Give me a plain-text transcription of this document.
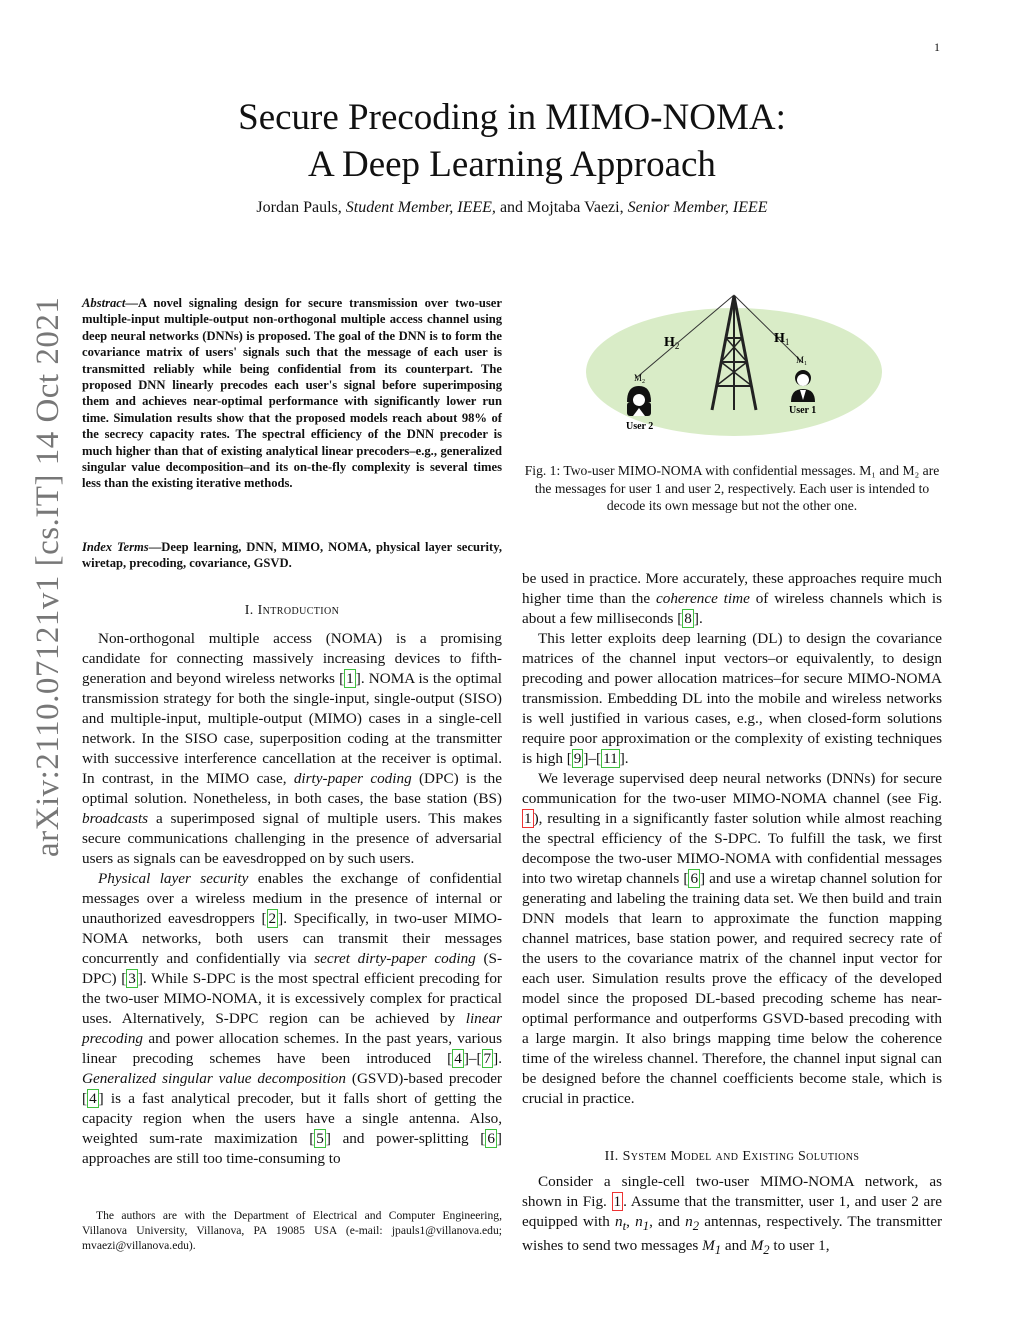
1
arXiv:2110.07121v1 [cs.IT] 14 Oct 2021
Secure Precoding in MIMO-NOMA:
A Deep Learning Approach
Jordan Pauls, Student Member, IEEE, and Mojtaba Vaezi, Senior Member, IEEE
Abstract—A novel signaling design for secure transmission over two-user multiple-input multiple-output non-orthogonal multiple access channel using deep neural networks (DNNs) is proposed. The goal of the DNN is to form the covariance matrix of users' signals such that the message of each user is transmitted reliably while being confidential from its counterpart. The proposed DNN linearly precodes each user's signal before superimposing them and achieves near-optimal performance with significantly lower run time. Simulation results show that the proposed models reach about 98% of the secrecy capacity rates. The spectral efficiency of the DNN precoder is much higher than that of existing analytical linear precoders–e.g., generalized singular value decomposition–and its on-the-fly complexity is several times less than the existing iterative methods.
Index Terms—Deep learning, DNN, MIMO, NOMA, physical layer security, wiretap, precoding, covariance, GSVD.
I. Introduction

Non-orthogonal multiple access (NOMA) is a promising candidate for connecting massively increasing devices to fifth-generation and beyond wireless networks [ 1 ]. NOMA is the optimal transmission strategy for both the single-input, single-output (SISO) and multiple-input, multiple-output (MIMO) cases in a single-cell network. In the SISO case, superposition coding at the transmitter with successive interference cancellation at the receiver is optimal. In contrast, in the MIMO case, dirty-paper coding (DPC) is the optimal solution. Nonetheless, in both cases, the base station (BS) broadcasts a superimposed signal of multiple users. This makes secure communications challenging in the presence of adversarial users as signals can be eavesdropped on by such users.

Physical layer security enables the exchange of confidential messages over a wireless medium in the presence of internal or unauthorized eavesdroppers [ 2 ]. Specifically, in two-user MIMO-NOMA networks, both users can transmit their messages concurrently and confidentially via secret dirty-paper coding (S-DPC) [ 3 ]. While S-DPC is the most spectral efficient precoding for the two-user MIMO-NOMA, it is excessively complex for practical uses. Alternatively, S-DPC region can be achieved by linear precoding and power allocation schemes. In the past years, various linear precoding schemes have been introduced [ 4 ]–[ 7 ]. Generalized singular value decomposition (GSVD)-based precoder [ 4 ] is a fast analytical precoder, but it falls short of getting the capacity region when the users have a single antenna. Also, weighted sum-rate maximization [ 5 ] and power-splitting [ 6 ] approaches are still too time-consuming to

The authors are with the Department of Electrical and Computer Engineering, Villanova University, Villanova, PA 19085 USA (e-mail: jpauls1@villanova.edu; mvaezi@villanova.edu).

$H_2$	$H_1$
$M_2$
$M_1$
User 2
User 1
Fig. 1: Two-user MIMO-NOMA with confidential messages. M₁ and M₂ are the messages for user 1 and user 2, respectively. Each user is intended to decode its own message but not the other one.

be used in practice. More accurately, these approaches require much higher time than the coherence time of wireless channels which is about a few milliseconds [ 8 ].

This letter exploits deep learning (DL) to design the covariance matrices of the channel input vectors–or equivalently, to design precoding and power allocation matrices–for secure MIMO-NOMA transmission. Embedding DL into the mobile and wireless networks is well justified in various cases, e.g., when closed-form solutions require poor approximation or the complexity of existing techniques is high [ 9 ]–[ 11 ].

We leverage supervised deep neural networks (DNNs) for secure communication for the two-user MIMO-NOMA channel (see Fig. 1 ), resulting in a significantly faster solution while almost reaching the spectral efficiency of the S-DPC. To fulfill the task, we first decompose the two-user MIMO-NOMA with confidential messages into two wiretap channels [ 6 ] and use a wiretap channel solution for generating and labeling the training data set. We then build and train DNN models that learn to approximate the function mapping channel matrices, base station power, and required secrecy rate of the users to the covariance matrix of the channel input vector for each user. Simulation results prove the efficacy of the developed model since the proposed DL-based precoding scheme has near-optimal performance and outperforms GSVD-based precoding with a large margin. It also brings mapping time below the coherence time of the wireless channel. Therefore, the channel input signal can be designed before the channel coefficients become stale, which is crucial in practice.

II. System Model and Existing Solutions

Consider a single-cell two-user MIMO-NOMA network, as shown in Fig. 1 . Assume that the transmitter, user 1, and user 2 are equipped with $n_t$, $n_1$, and $n_2$ antennas, respectively. The transmitter wishes to send two messages $M_1$ and $M_2$ to user 1,
